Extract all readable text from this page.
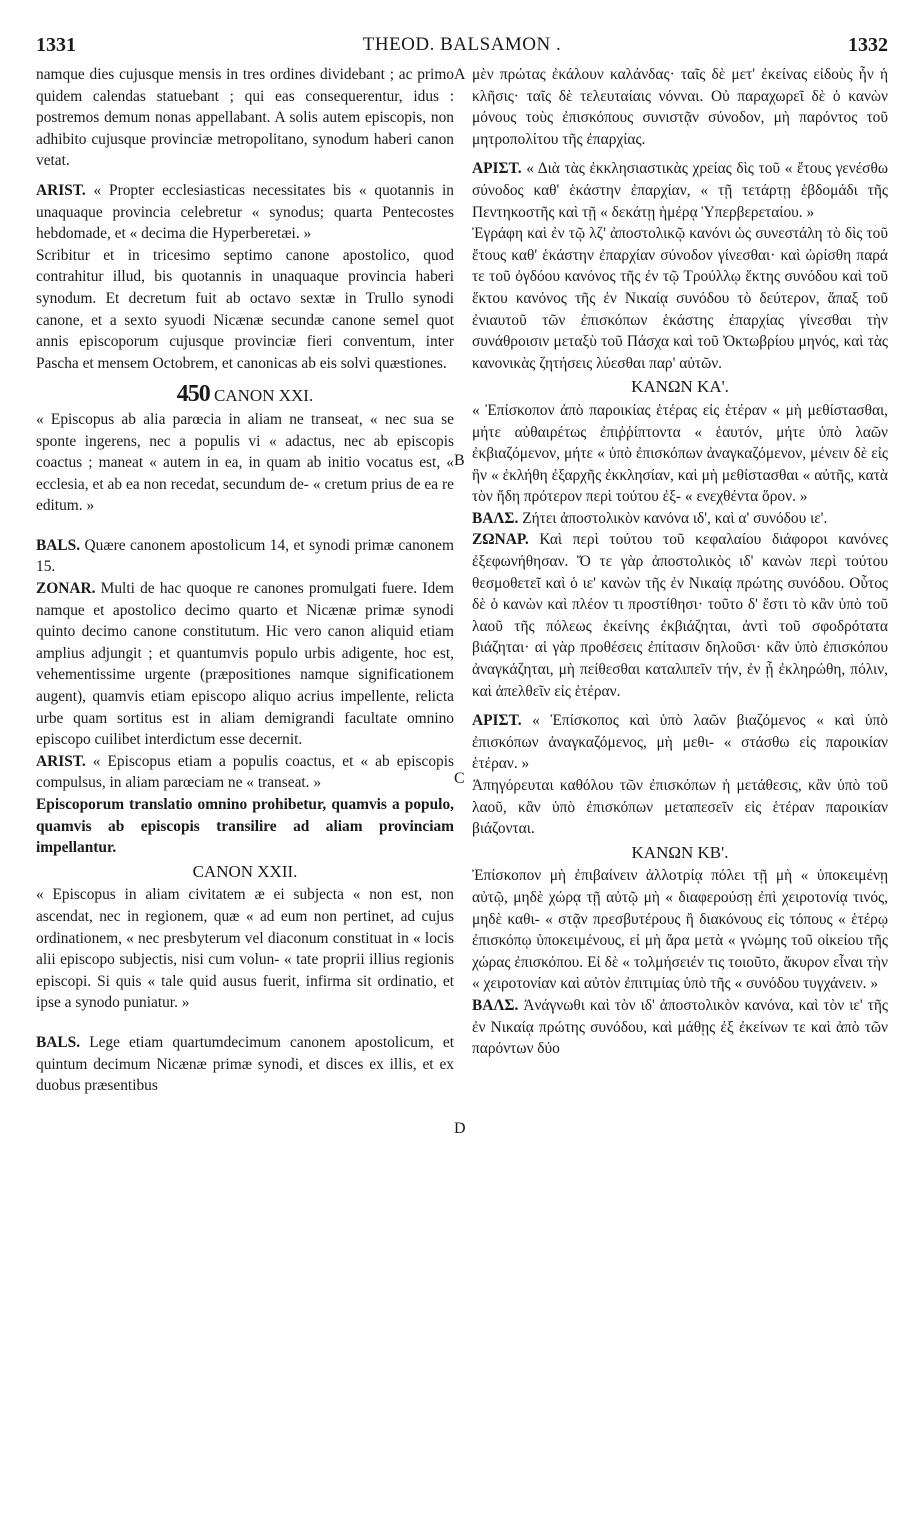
1331	THEOD. BALSAMON .	1332
A
B
C
D

namque dies cujusque mensis in tres ordines dividebant ; ac primo quidem calendas statuebant ; qui eas consequerentur, idus : postremos demum nonas appellabant. A solis autem episcopis, non adhibito cujusque provinciæ metropolitano, synodum haberi canon vetat.

ARIST. « Propter ecclesiasticas necessitates bis « quotannis in unaquaque provincia celebretur « synodus; quarta Pentecostes hebdomade, et « decima die Hyperberetæi. »

Scribitur et in tricesimo septimo canone apostolico, quod contrahitur illud, bis quotannis in unaquaque provincia haberi synodum. Et decretum fuit ab octavo sextæ in Trullo synodi canone, et a sexto syuodi Nicænæ secundæ canone semel quot annis episcoporum cujusque provinciæ fieri conventum, inter Pascha et mensem Octobrem, et canonicas ab eis solvi quæstiones.

450 CANON XXI.

« Episcopus ab alia parœcia in aliam ne transeat, « nec sua se sponte ingerens, nec a populis vi « adactus, nec ab episcopis coactus ; maneat « autem in ea, in quam ab initio vocatus est, « ecclesia, et ab ea non recedat, secundum de- « cretum prius de ea re editum. »

BALS. Quære canonem apostolicum 14, et synodi primæ canonem 15.

ZONAR. Multi de hac quoque re canones promulgati fuere. Idem namque et apostolico decimo quarto et Nicænæ primæ synodi quinto decimo canone constitutum. Hic vero canon aliquid etiam amplius adjungit ; et quantumvis populo urbis adigente, hoc est, vehementissime urgente (præpositiones namque significationem augent), quamvis etiam episcopo aliquo acrius impellente, relicta urbe quam sortitus est in aliam demigrandi facultate omnino episcopo cuilibet interdictum esse decernit.

ARIST. « Episcopus etiam a populis coactus, et « ab episcopis compulsus, in aliam parœciam ne « transeat. »

Episcoporum translatio omnino prohibetur, quamvis a populo, quamvis ab episcopis transilire ad aliam provinciam impellantur.

CANON XXII.

« Episcopus in aliam civitatem æ ei subjecta « non est, non ascendat, nec in regionem, quæ « ad eum non pertinet, ad cujus ordinationem, « nec presbyterum vel diaconum constituat in « locis alii episcopo subjectis, nisi cum volun- « tate proprii illius regionis episcopi. Si quis « tale quid ausus fuerit, infirma sit ordinatio, et ipse a synodo puniatur. »

BALS. Lege etiam quartumdecimum canonem apostolicum, et quintum decimum Nicænæ primæ synodi, et disces ex illis, et ex duobus præsentibus

μὲν πρώτας ἐκάλουν καλάνδας· ταῖς δὲ μετ' ἐκείνας εἰδοὺς ἦν ἡ κλῆσις· ταῖς δὲ τελευταίαις νόνναι. Οὐ παραχωρεῖ δὲ ὁ κανὼν μόνους τοὺς ἐπισκόπους συνιστᾷν σύνοδον, μὴ παρόντος τοῦ μητροπολίτου τῆς ἐπαρχίας.

ΑΡΙΣΤ. « Διὰ τὰς ἐκκλησιαστικὰς χρείας δὶς τοῦ « ἔτους γενέσθω σύνοδος καθ' ἑκάστην ἐπαρχίαν, « τῇ τετάρτῃ ἑβδομάδι τῆς Πεντηκοστῆς καὶ τῇ « δεκάτῃ ἡμέρᾳ Ὑπερβερεταίου. »

Ἐγράφη καὶ ἐν τῷ λζ' ἀποστολικῷ κανόνι ὡς συνεστάλη τὸ δὶς τοῦ ἔτους καθ' ἑκάστην ἐπαρχίαν σύνοδον γίνεσθαι· καὶ ὡρίσθη παρά τε τοῦ ὀγδόου κανόνος τῆς ἐν τῷ Τρούλλῳ ἕκτης συνόδου καὶ τοῦ ἕκτου κανόνος τῆς ἐν Νικαίᾳ συνόδου τὸ δεύτερον, ἅπαξ τοῦ ἐνιαυτοῦ τῶν ἐπισκόπων ἑκάστης ἐπαρχίας γίνεσθαι τὴν συνάθροισιν μεταξὺ τοῦ Πάσχα καὶ τοῦ Ὀκτωβρίου μηνός, καὶ τὰς κανονικὰς ζητήσεις λύεσθαι παρ' αὐτῶν.

ΚΑΝΩΝ ΚΑ'.

« Ἐπίσκοπον ἀπὸ παροικίας ἑτέρας εἰς ἑτέραν « μὴ μεθίστασθαι, μήτε αὐθαιρέτως ἐπιῤῥίπτοντα « ἑαυτόν, μήτε ὑπὸ λαῶν ἐκβιαζόμενον, μήτε « ὑπὸ ἐπισκόπων ἀναγκαζόμενον, μένειν δὲ εἰς ἣν « ἐκλήθη ἐξαρχῆς ἐκκλησίαν, καὶ μὴ μεθίστασθαι « αὐτῆς, κατὰ τὸν ἤδη πρότερον περὶ τούτου ἐξ- « ενεχθέντα ὅρον. »

ΒΑΛΣ. Ζήτει ἀποστολικὸν κανόνα ιδ', καὶ α' συνόδου ιε'.

ΖΩΝΑΡ. Καὶ περὶ τούτου τοῦ κεφαλαίου διάφοροι κανόνες ἐξεφωνήθησαν. Ὅ τε γὰρ ἀποστολικὸς ιδ' κανὼν περὶ τούτου θεσμοθετεῖ καὶ ὁ ιε' κανὼν τῆς ἐν Νικαίᾳ πρώτης συνόδου. Οὗτος δὲ ὁ κανὼν καὶ πλέον τι προστίθησι· τοῦτο δ' ἔστι τὸ κἂν ὑπὸ τοῦ λαοῦ τῆς πόλεως ἐκείνης ἐκβιάζηται, ἀντὶ τοῦ σφοδρότατα βιάζηται· αἱ γὰρ προθέσεις ἐπίτασιν δηλοῦσι· κἂν ὑπὸ ἐπισκόπου ἀναγκάζηται, μὴ πείθεσθαι καταλιπεῖν τήν, ἐν ᾗ ἐκληρώθη, πόλιν, καὶ ἀπελθεῖν εἰς ἑτέραν.

ΑΡΙΣΤ. « Ἐπίσκοπος καὶ ὑπὸ λαῶν βιαζόμενος « καὶ ὑπὸ ἐπισκόπων ἀναγκαζόμενος, μὴ μεθι- « στάσθω εἰς παροικίαν ἑτέραν. »

Ἀπηγόρευται καθόλου τῶν ἐπισκόπων ἡ μετάθεσις, κἂν ὑπὸ τοῦ λαοῦ, κἂν ὑπὸ ἐπισκόπων μεταπεσεῖν εἰς ἑτέραν παροικίαν βιάζονται.

ΚΑΝΩΝ ΚΒ'.

Ἐπίσκοπον μὴ ἐπιβαίνειν ἀλλοτρίᾳ πόλει τῇ μὴ « ὑποκειμένῃ αὐτῷ, μηδὲ χώρᾳ τῇ αὐτῷ μὴ « διαφερούσῃ ἐπὶ χειροτονίᾳ τινός, μηδὲ καθι- « στᾷν πρεσβυτέρους ἢ διακόνους εἰς τόπους « ἑτέρῳ ἐπισκόπῳ ὑποκειμένους, εἰ μὴ ἄρα μετὰ « γνώμης τοῦ οἰκείου τῆς χώρας ἐπισκόπου. Εἰ δὲ « τολμήσειέν τις τοιοῦτο, ἄκυρον εἶναι τὴν « χειροτονίαν καὶ αὐτὸν ἐπιτιμίας ὑπὸ τῆς « συνόδου τυγχάνειν. »

ΒΑΛΣ. Ἀνάγνωθι καὶ τὸν ιδ' ἀποστολικὸν κανόνα, καὶ τὸν ιε' τῆς ἐν Νικαίᾳ πρώτης συνόδου, καὶ μάθῃς ἐξ ἐκείνων τε καὶ ἀπὸ τῶν παρόντων δύο
